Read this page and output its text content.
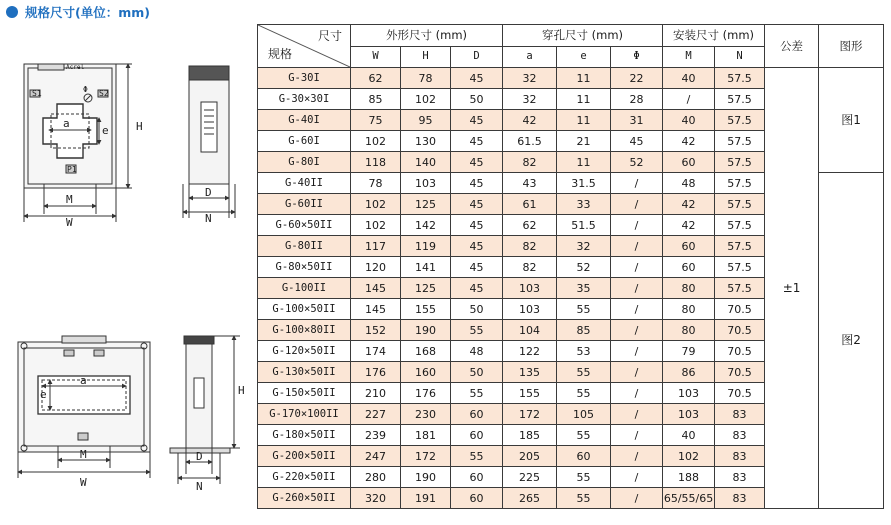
规格尺寸(单位：mm)
S1	S2
P1
Acrel
a
e
Φ
H
M
W
D
N
a
e
M
W
H
D
N
尺寸
规格	外形尺寸 (mm)			穿孔尺寸 (mm)			安装尺寸 (mm)		公差	图形
	W	H	D	a	e	Φ	M	N		
G-30I	62	78	45	32	11	22	40	57.5	±1	图1
G-30×30I	85	102	50	32	11	28	/	57.5		
G-40I	75	95	45	42	11	31	40	57.5		
G-60I	102	130	45	61.5	21	45	42	57.5		
G-80I	118	140	45	82	11	52	60	57.5		
G-40II	78	103	45	43	31.5	/	48	57.5		图2
G-60II	102	125	45	61	33	/	42	57.5		
G-60×50II	102	142	45	62	51.5	/	42	57.5		
G-80II	117	119	45	82	32	/	60	57.5		
G-80×50II	120	141	45	82	52	/	60	57.5		
G-100II	145	125	45	103	35	/	80	57.5		
G-100×50II	145	155	50	103	55	/	80	70.5		
G-100×80II	152	190	55	104	85	/	80	70.5		
G-120×50II	174	168	48	122	53	/	79	70.5		
G-130×50II	176	160	50	135	55	/	86	70.5		
G-150×50II	210	176	55	155	55	/	103	70.5		
G-170×100II	227	230	60	172	105	/	103	83		
G-180×50II	239	181	60	185	55	/	40	83		
G-200×50II	247	172	55	205	60	/	102	83		
G-220×50II	280	190	60	225	55	/	188	83		
G-260×50II	320	191	60	265	55	/	65/55/65	83		
